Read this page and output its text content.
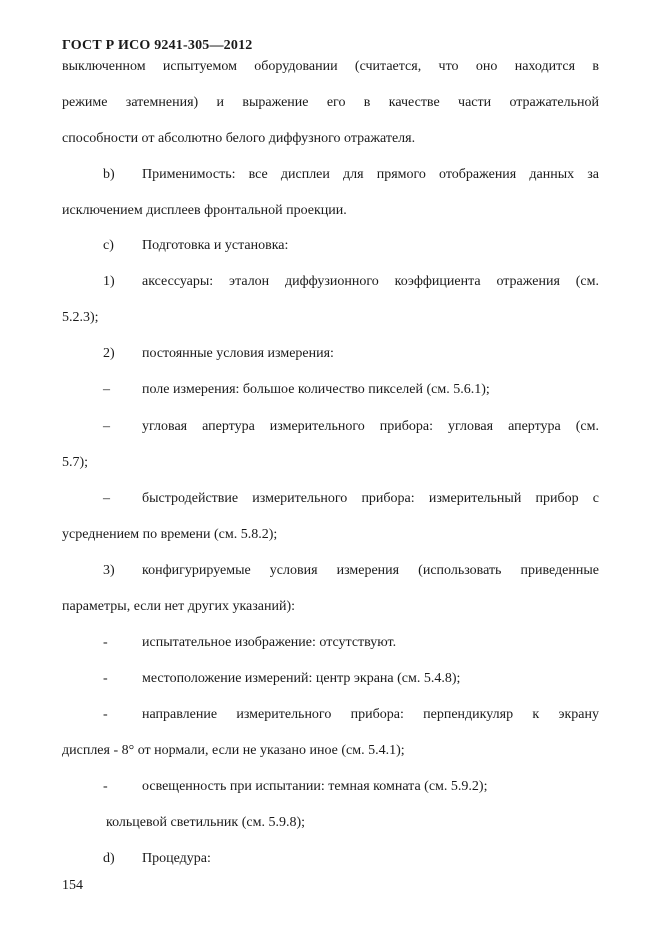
ГОСТ Р ИСО 9241-305—2012
выключенном испытуемом оборудовании (считается, что оно находится в
режиме затемнения) и выражение его в качестве части отражательной
способности от абсолютно белого диффузного отражателя.
b) Применимость: все дисплеи для прямого отображения данных за
исключением дисплеев фронтальной проекции.
c) Подготовка и установка:
1) аксессуары: эталон диффузионного коэффициента отражения (см.
5.2.3);
2) постоянные условия измерения:
– поле измерения: большое количество пикселей (см. 5.6.1);
– угловая апертура измерительного прибора: угловая апертура (см.
5.7);
– быстродействие измерительного прибора: измерительный прибор с
усреднением по времени (см. 5.8.2);
3) конфигурируемые условия измерения (использовать приведенные
параметры, если нет других указаний):
- испытательное изображение: отсутствуют.
- местоположение измерений: центр экрана (см. 5.4.8);
- направление измерительного прибора: перпендикуляр к экрану
дисплея - 8° от нормали, если не указано иное (см. 5.4.1);
- освещенность при испытании: темная комната (см. 5.9.2);
кольцевой светильник (см. 5.9.8);
d) Процедура:
154
